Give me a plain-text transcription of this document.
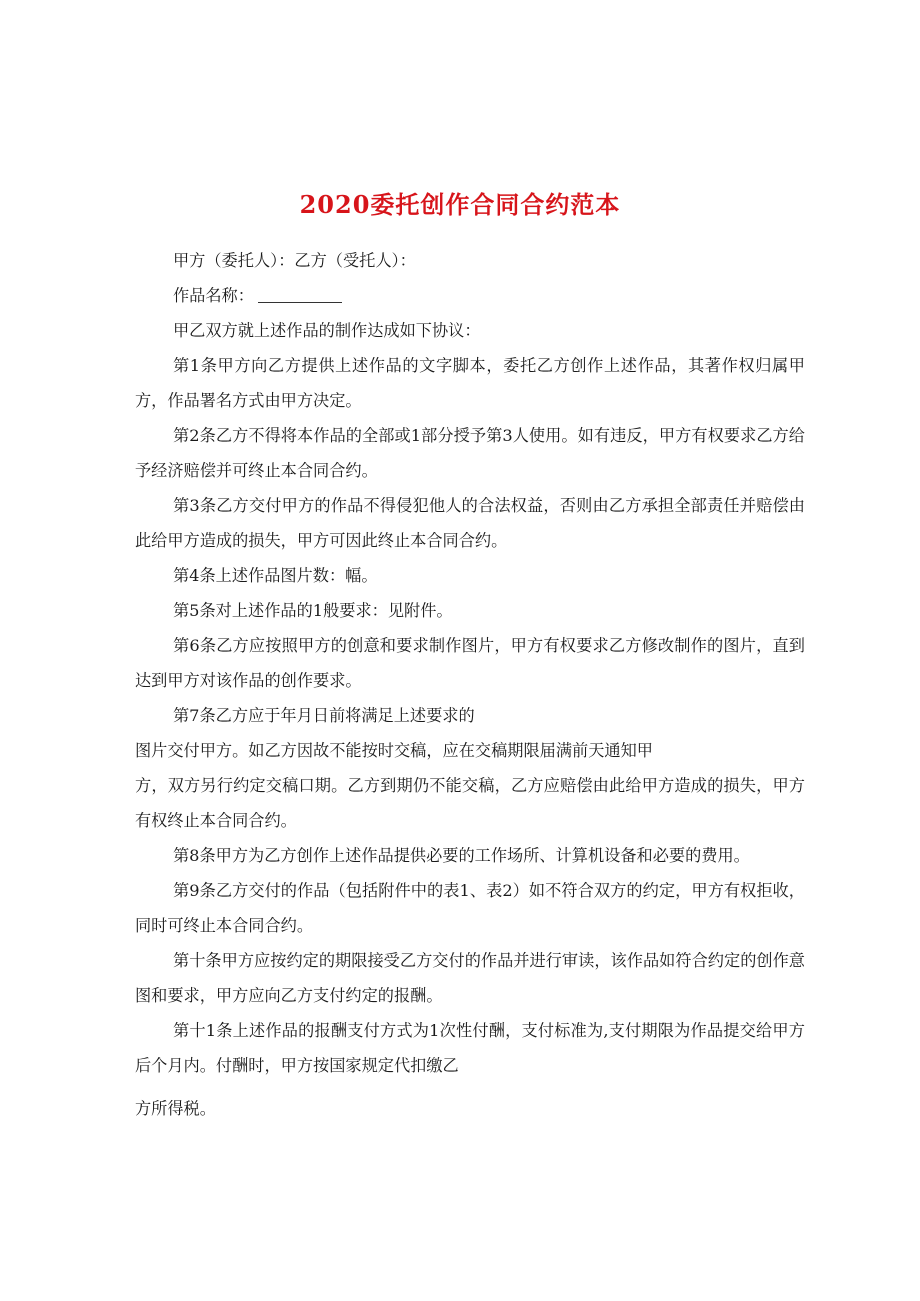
2020委托创作合同合约范本

甲方（委托人）：乙方（受托人）：

作品名称：

甲乙双方就上述作品的制作达成如下协议：

第1条甲方向乙方提供上述作品的文字脚本，委托乙方创作上述作品，其著作权归属甲方，作品署名方式由甲方决定。

第2条乙方不得将本作品的全部或1部分授予第3人使用。如有违反，甲方有权要求乙方给予经济赔偿并可终止本合同合约。

第3条乙方交付甲方的作品不得侵犯他人的合法权益，否则由乙方承担全部责任并赔偿由此给甲方造成的损失，甲方可因此终止本合同合约。

第4条上述作品图片数：幅。

第5条对上述作品的1般要求：见附件。

第6条乙方应按照甲方的创意和要求制作图片，甲方有权要求乙方修改制作的图片，直到达到甲方对该作品的创作要求。

第7条乙方应于年月日前将满足上述要求的

图片交付甲方。如乙方因故不能按时交稿，应在交稿期限届满前天通知甲

方，双方另行约定交稿口期。乙方到期仍不能交稿，乙方应赔偿由此给甲方造成的损失，甲方有权终止本合同合约。

第8条甲方为乙方创作上述作品提供必要的工作场所、计算机设备和必要的费用。

第9条乙方交付的作品（包括附件中的表1、表2）如不符合双方的约定，甲方有权拒收，同时可终止本合同合约。

第十条甲方应按约定的期限接受乙方交付的作品并进行审读，该作品如符合约定的创作意图和要求，甲方应向乙方支付约定的报酬。

第十1条上述作品的报酬支付方式为1次性付酬，支付标准为,支付期限为作品提交给甲方后个月内。付酬时，甲方按国家规定代扣缴乙

方所得税。
